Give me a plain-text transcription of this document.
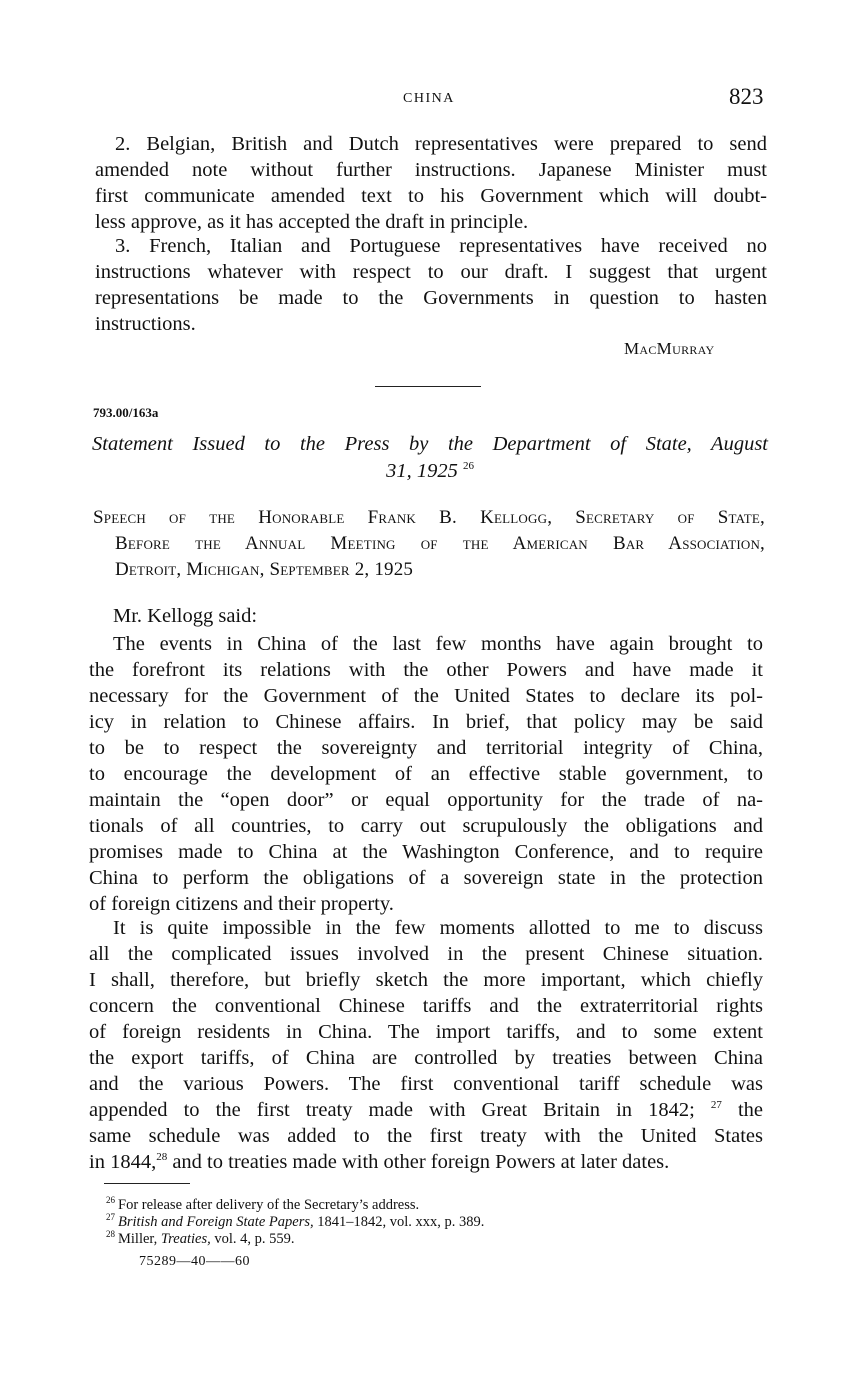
CHINA	823
2. Belgian, British and Dutch representatives were prepared to send
amended note without further instructions. Japanese Minister must
first communicate amended text to his Government which will doubt-
less approve, as it has accepted the draft in principle.
3. French, Italian and Portuguese representatives have received no
instructions whatever with respect to our draft. I suggest that urgent
representations be made to the Governments in question to hasten
instructions.
MacMurray
793.00/163a
Statement Issued to the Press by the Department of State, August
31, 1925 $^{26}$
Speech of the Honorable Frank B. Kellogg, Secretary of State,
Before the Annual Meeting of the American Bar Association,
Detroit, Michigan, September 2, 1925
Mr. Kellogg said:
The events in China of the last few months have again brought to
the forefront its relations with the other Powers and have made it
necessary for the Government of the United States to declare its pol-
icy in relation to Chinese affairs. In brief, that policy may be said
to be to respect the sovereignty and territorial integrity of China,
to encourage the development of an effective stable government, to
maintain the “open door” or equal opportunity for the trade of na-
tionals of all countries, to carry out scrupulously the obligations and
promises made to China at the Washington Conference, and to require
China to perform the obligations of a sovereign state in the protection
of foreign citizens and their property.
It is quite impossible in the few moments allotted to me to discuss
all the complicated issues involved in the present Chinese situation.
I shall, therefore, but briefly sketch the more important, which chiefly
concern the conventional Chinese tariffs and the extraterritorial rights
of foreign residents in China. The import tariffs, and to some extent
the export tariffs, of China are controlled by treaties between China
and the various Powers. The first conventional tariff schedule was
appended to the first treaty made with Great Britain in 1842; $^{27}$ the
same schedule was added to the first treaty with the United States
in 1844,28 and to treaties made with other foreign Powers at later dates.
$^{26}$ For release after delivery of the Secretary’s address.
$^{27}$ British and Foreign State Papers, 1841–1842, vol. xxx, p. 389.
$^{28}$ Miller, Treaties, vol. 4, p. 559.
75289—40——60
